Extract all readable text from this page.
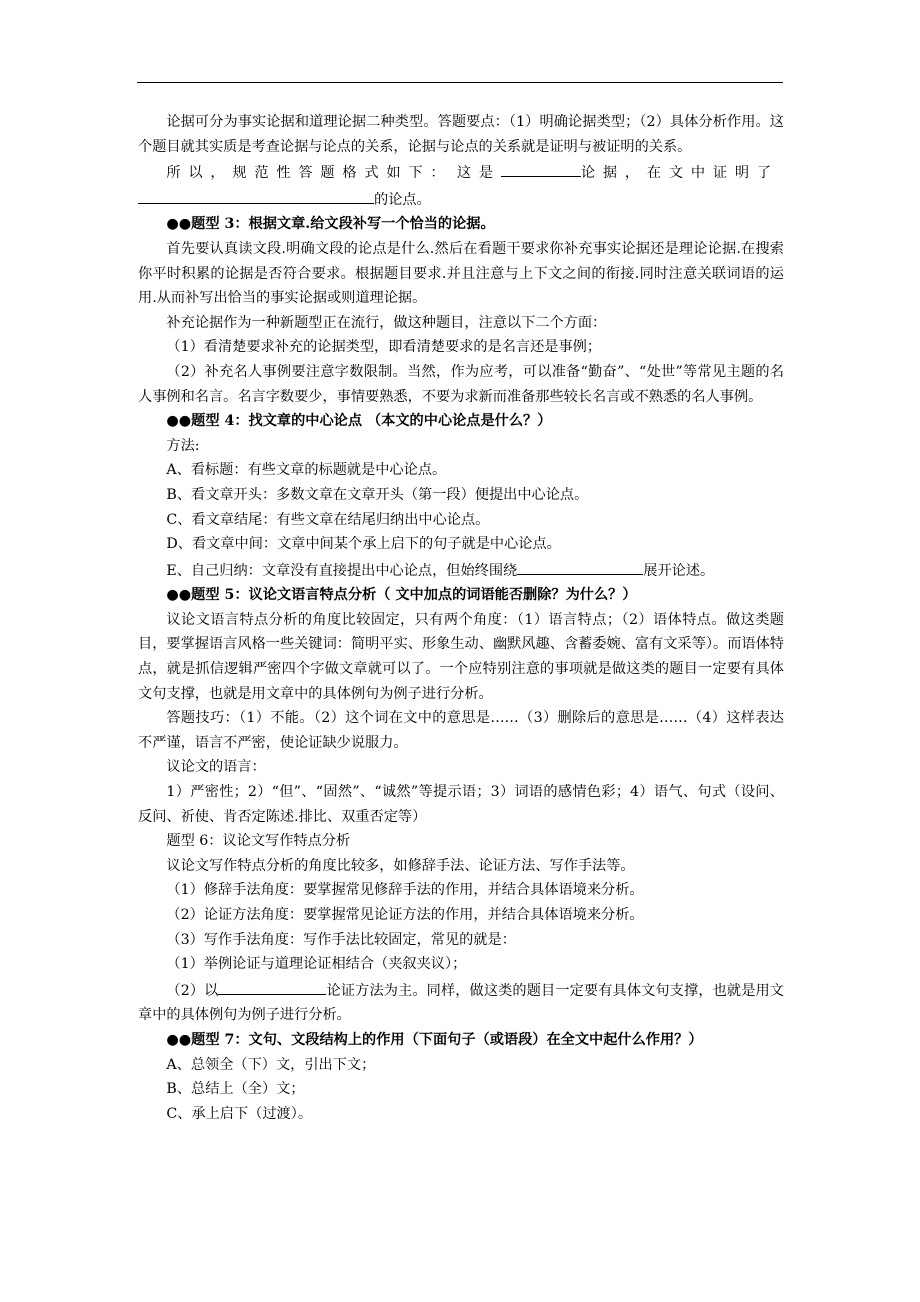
论据可分为事实论据和道理论据二种类型。答题要点：（1）明确论据类型；（2）具体分析作用。这个题目就其实质是考查论据与论点的关系，论据与论点的关系就是证明与被证明的关系。

所以，规范性答题格式如下： 这是	论据，在文中证明了
的论点。

●●题型 3：根据文章.给文段补写一个恰当的论据。

首先要认真读文段.明确文段的论点是什么.然后在看题干要求你补充事实论据还是理论论据.在搜索你平时积累的论据是否符合要求。根据题目要求.并且注意与上下文之间的衔接.同时注意关联词语的运用.从而补写出恰当的事实论据或则道理论据。

补充论据作为一种新题型正在流行，做这种题目，注意以下二个方面：

（1）看清楚要求补充的论据类型，即看清楚要求的是名言还是事例；

（2）补充名人事例要注意字数限制。当然，作为应考，可以准备“勤奋”、“处世”等常见主题的名人事例和名言。名言字数要少，事情要熟悉，不要为求新而准备那些较长名言或不熟悉的名人事例。

●●题型 4：找文章的中心论点 （本文的中心论点是什么？）

方法:

A、看标题：有些文章的标题就是中心论点。

B、看文章开头：多数文章在文章开头（第一段）便提出中心论点。

C、看文章结尾：有些文章在结尾归纳出中心论点。

D、看文章中间：文章中间某个承上启下的句子就是中心论点。

E、自己归纳：文章没有直接提出中心论点，但始终围绕	展开论述。

●●题型 5：议论文语言特点分析（ 文中加点的词语能否删除？为什么？）

议论文语言特点分析的角度比较固定，只有两个角度：（1）语言特点；（2）语体特点。做这类题目，要掌握语言风格一些关键词：简明平实、形象生动、幽默风趣、含蓄委婉、富有文采等）。而语体特点，就是抓信逻辑严密四个字做文章就可以了。一个应特别注意的事项就是做这类的题目一定要有具体文句支撑，也就是用文章中的具体例句为例子进行分析。

答题技巧：（1）不能。（2）这个词在文中的意思是……（3）删除后的意思是……（4）这样表达不严谨，语言不严密，使论证缺少说服力。

议论文的语言：

1）严密性；2）“但”、“固然”、“诚然”等提示语；3）词语的感情色彩；4）语气、句式（设问、反问、祈使、肯否定陈述.排比、双重否定等）

题型 6：议论文写作特点分析

议论文写作特点分析的角度比较多，如修辞手法、论证方法、写作手法等。

（1）修辞手法角度：要掌握常见修辞手法的作用，并结合具体语境来分析。

（2）论证方法角度：要掌握常见论证方法的作用，并结合具体语境来分析。

（3）写作手法角度：写作手法比较固定，常见的就是：

（1）举例论证与道理论证相结合（夹叙夹议）；

（2）以	论证方法为主。同样，做这类的题目一定要有具体文句支撑，也就是用文章中的具体例句为例子进行分析。

●●题型 7：文句、文段结构上的作用（下面句子（或语段）在全文中起什么作用？）

A、总领全（下）文，引出下文；

B、总结上（全）文；

C、承上启下（过渡）。
